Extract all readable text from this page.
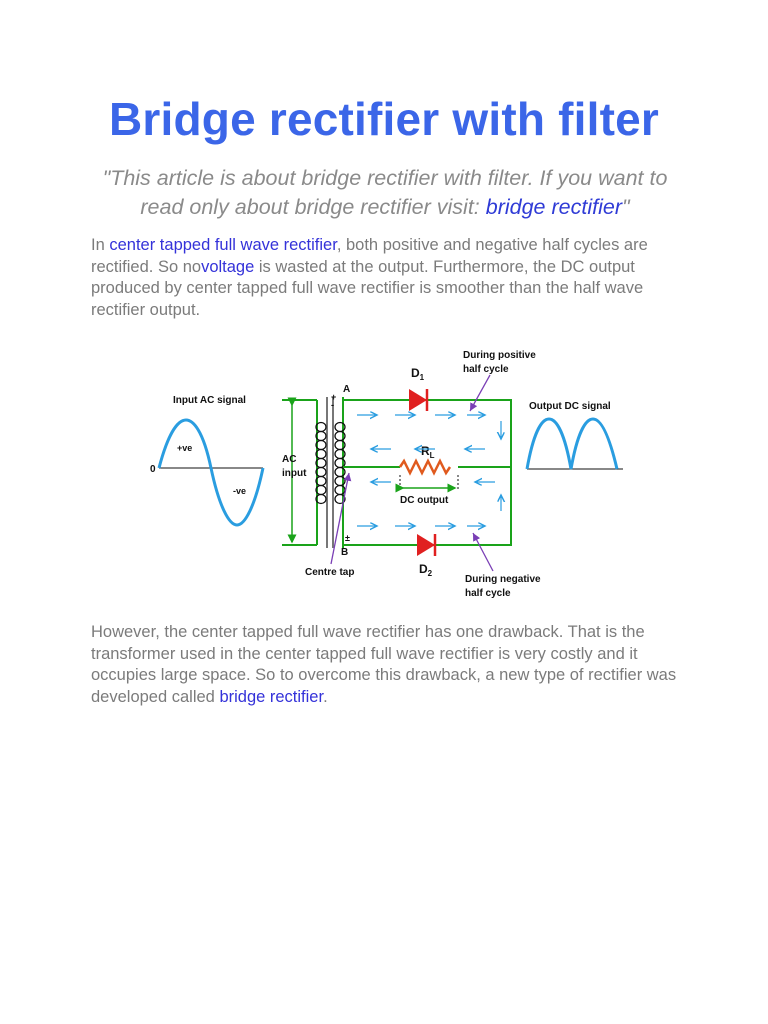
Bridge rectifier with filter
"This article is about bridge rectifier with filter. If you want to read only about bridge rectifier visit: bridge rectifier"

In center tapped full wave rectifier, both positive and negative half cycles are rectified. So novoltage is wasted at the output. Furthermore, the DC output produced by center tapped full wave rectifier is smoother than the half wave rectifier output.

Input AC signal
0
+ve
-ve
AC
input
A
+
-
±
B
$D_1$
$D_2$
$R_L$
DC output
During positive
half cycle
During negative
half cycle
Centre tap
Output DC signal

However, the center tapped full wave rectifier has one drawback. That is the transformer used in the center tapped full wave rectifier is very costly and it occupies large space. So to overcome this drawback, a new type of rectifier was developed called bridge rectifier.
